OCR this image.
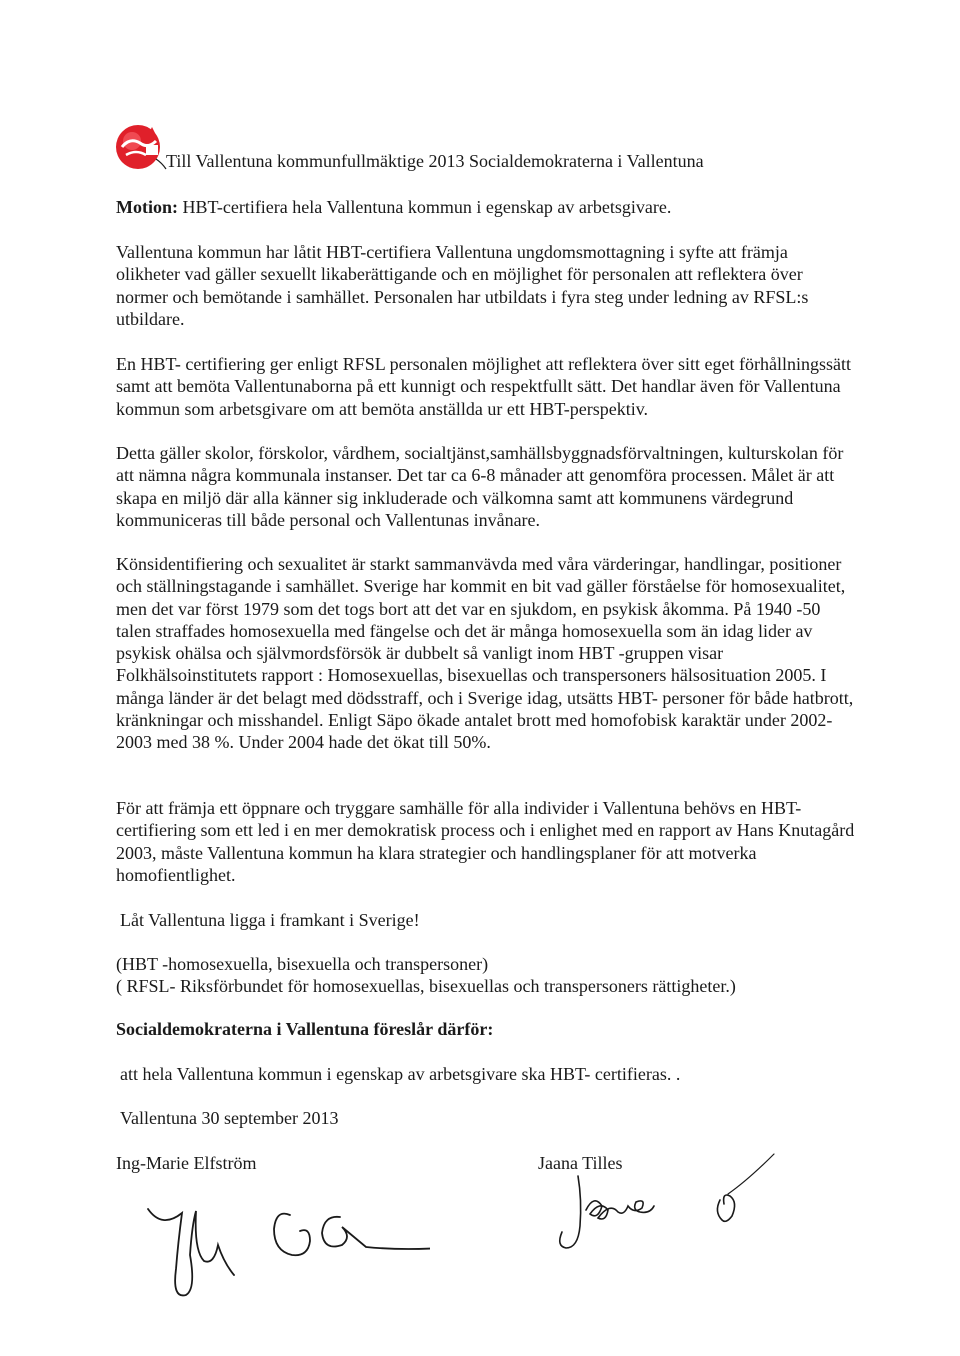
Till Vallentuna kommunfullmäktige 2013 Socialdemokraterna i Vallentuna
Motion: HBT-certifiera hela Vallentuna kommun i egenskap av arbetsgivare.

Vallentuna kommun har låtit HBT-certifiera Vallentuna ungdomsmottagning i syfte att främja olikheter vad gäller sexuellt likaberättigande och en möjlighet för personalen att reflektera över normer och bemötande i samhället. Personalen har utbildats i fyra steg under ledning av RFSL:s utbildare.

En HBT- certifiering ger enligt RFSL personalen möjlighet att reflektera över sitt eget förhållningssätt samt att bemöta Vallentunaborna på ett kunnigt och respektfullt sätt. Det handlar även för Vallentuna kommun som arbetsgivare om att bemöta anställda ur ett HBT-perspektiv.

Detta gäller skolor, förskolor, vårdhem, socialtjänst,samhällsbyggnadsförvaltningen, kulturskolan för att nämna några kommunala instanser. Det tar ca 6-8 månader att genomföra processen. Målet är att skapa en miljö där alla känner sig inkluderade och välkomna samt att kommunens värdegrund kommuniceras till både personal och Vallentunas invånare.

Könsidentifiering och sexualitet är starkt sammanvävda med våra värderingar, handlingar, positioner och ställningstagande i samhället. Sverige har kommit en bit vad gäller förståelse för homosexualitet, men det var först 1979 som det togs bort att det var en sjukdom, en psykisk åkomma. På 1940 -50 talen straffades homosexuella med fängelse och det är många homosexuella som än idag lider av psykisk ohälsa och självmordsförsök är dubbelt så vanligt inom HBT -gruppen visar Folkhälsoinstitutets rapport : Homosexuellas, bisexuellas och transpersoners hälsosituation 2005. I många länder är det belagt med dödsstraff, och i Sverige idag, utsätts HBT- personer för både hatbrott, kränkningar och misshandel. Enligt Säpo ökade antalet brott med homofobisk karaktär under 2002-2003 med 38 %. Under 2004 hade det ökat till 50%.

För att främja ett öppnare och tryggare samhälle för alla individer i Vallentuna behövs en HBT- certifiering som ett led i en mer demokratisk process och i enlighet med en rapport av Hans Knutagård 2003, måste Vallentuna kommun ha klara strategier och handlingsplaner för att motverka homofientlighet.

Låt Vallentuna ligga i framkant i Sverige!

(HBT -homosexuella, bisexuella och transpersoner)
( RFSL- Riksförbundet för homosexuellas, bisexuellas och transpersoners rättigheter.)
Socialdemokraterna i Vallentuna föreslår därför:
att hela Vallentuna kommun i egenskap av arbetsgivare ska HBT- certifieras. .
Vallentuna 30 september 2013
Ing-Marie Elfström	Jaana Tilles
